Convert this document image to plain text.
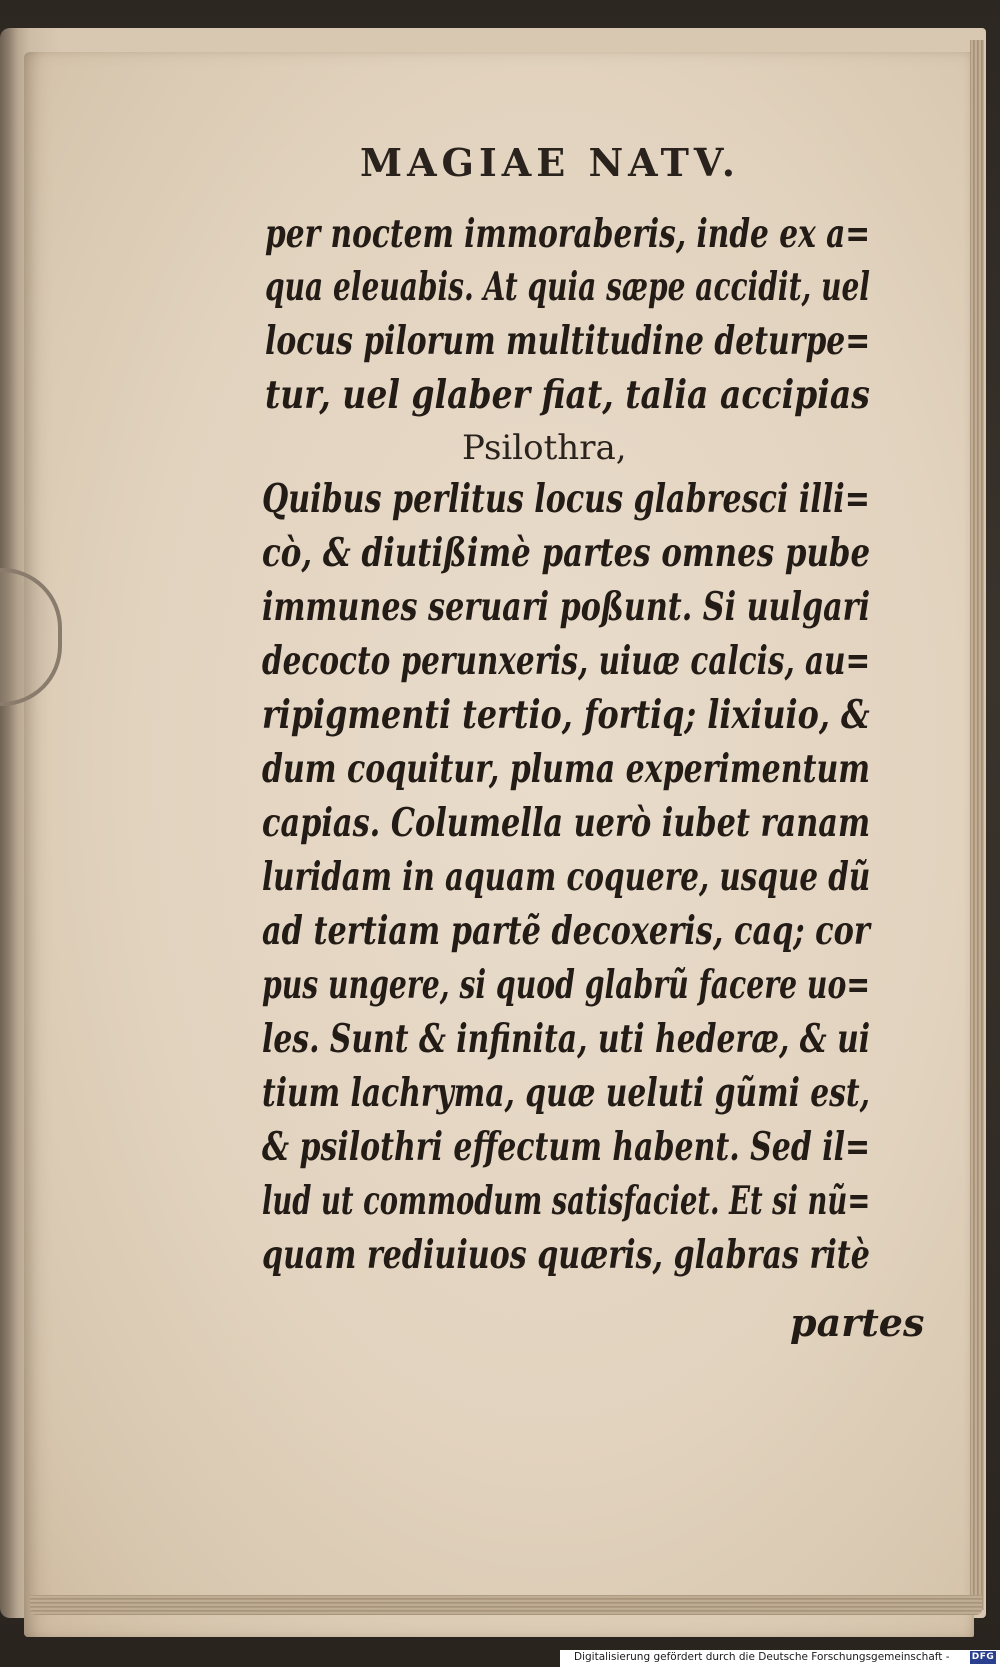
MAGIAE NATV.
per noctem immoraberis, inde ex a=
qua eleuabis. At quia sæpe accidit, uel
locus pilorum multitudine deturpe=
tur, uel glaber fiat, talia accipias
Psilothra,
Quibus perlitus locus glabresci illi=
cò, & diutißimè partes omnes pube
immunes seruari poßunt. Si uulgari
decocto perunxeris, uiuæ calcis, au=
ripigmenti tertio, fortiq; lixiuio, &
dum coquitur, pluma experimentum
capias. Columella uerò iubet ranam
luridam in aquam coquere, usque dũ
ad tertiam partẽ decoxeris, caq; cor
pus ungere, si quod glabrũ facere uo=
les. Sunt & infinita, uti hederæ, & ui
tium lachryma, quæ ueluti gũmi est,
& psilothri effectum habent. Sed il=
lud ut commodum satisfaciet. Et si nũ=
quam rediuiuos quæris, glabras ritè
partes
Digitalisierung gefördert durch die Deutsche Forschungsgemeinschaft - DFG
